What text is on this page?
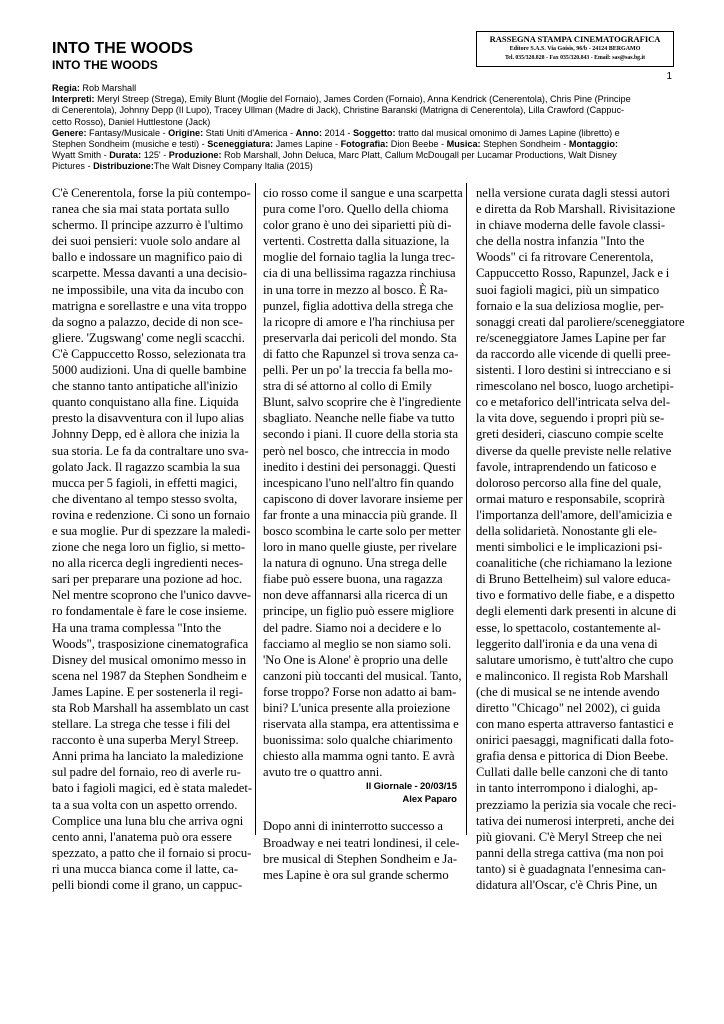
INTO THE WOODS
INTO THE WOODS
RASSEGNA STAMPA CINEMATOGRAFICA
Editore S.A.S. Via Goisis, 96/b - 24124 BERGAMO
Tel. 035/320.828 - Fax 035/320.843 - Email: sas@sas.bg.it
1

Regia: Rob Marshall

Interpreti: Meryl Streep (Strega), Emily Blunt (Moglie del Fornaio), James Corden (Fornaio), Anna Kendrick (Cenerentola), Chris Pine (Principe

di Cenerentola), Johnny Depp (Il Lupo), Tracey Ullman (Madre di Jack), Christine Baranski (Matrigna di Cenerentola), Lilla Crawford (Cappuc-

cetto Rosso), Daniel Huttlestone (Jack)

Genere: Fantasy/Musicale - Origine: Stati Uniti d'America - Anno: 2014 - Soggetto: tratto dal musical omonimo di James Lapine (libretto) e

Stephen Sondheim (musiche e testi) - Sceneggiatura: James Lapine - Fotografia: Dion Beebe - Musica: Stephen Sondheim - Montaggio:

Wyatt Smith - Durata: 125' - Produzione: Rob Marshall, John Deluca, Marc Platt, Callum McDougall per Lucamar Productions, Walt Disney

Pictures - Distribuzione:The Walt Disney Company Italia (2015)

C'è Cenerentola, forse la più contempo-
ranea che sia mai stata portata sullo
schermo. Il principe azzurro è l'ultimo
dei suoi pensieri: vuole solo andare al
ballo e indossare un magnifico paio di
scarpette. Messa davanti a una decisio-
ne impossibile, una vita da incubo con
matrigna e sorellastre e una vita troppo
da sogno a palazzo, decide di non sce-
gliere. 'Zugswang' come negli scacchi.
C'è Cappuccetto Rosso, selezionata tra
5000 audizioni. Una di quelle bambine
che stanno tanto antipatiche all'inizio
quanto conquistano alla fine. Liquida
presto la disavventura con il lupo alias
Johnny Depp, ed è allora che inizia la
sua storia. Le fa da contraltare uno sva-
golato Jack. Il ragazzo scambia la sua
mucca per 5 fagioli, in effetti magici,
che diventano al tempo stesso svolta,
rovina e redenzione. Ci sono un fornaio
e sua moglie. Pur di spezzare la maledi-
zione che nega loro un figlio, si metto-
no alla ricerca degli ingredienti neces-
sari per preparare una pozione ad hoc.
Nel mentre scoprono che l'unico davve-
ro fondamentale è fare le cose insieme.
Ha una trama complessa "Into the
Woods", trasposizione cinematografica
Disney del musical omonimo messo in
scena nel 1987 da Stephen Sondheim e
James Lapine. E per sostenerla il regi-
sta Rob Marshall ha assemblato un cast
stellare. La strega che tesse i fili del
racconto è una superba Meryl Streep.
Anni prima ha lanciato la maledizione
sul padre del fornaio, reo di averle ru-
bato i fagioli magici, ed è stata maledet-
ta a sua volta con un aspetto orrendo.
Complice una luna blu che arriva ogni
cento anni, l'anatema può ora essere
spezzato, a patto che il fornaio si procu-
ri una mucca bianca come il latte, ca-
pelli biondi come il grano, un cappuc-
cio rosso come il sangue e una scarpetta
pura come l'oro. Quello della chioma
color grano è uno dei siparietti più di-
vertenti. Costretta dalla situazione, la
moglie del fornaio taglia la lunga trec-
cia di una bellissima ragazza rinchiusa
in una torre in mezzo al bosco. È Ra-
punzel, figlia adottiva della strega che
la ricopre di amore e l'ha rinchiusa per
preservarla dai pericoli del mondo. Sta
di fatto che Rapunzel si trova senza ca-
pelli. Per un po' la treccia fa bella mo-
stra di sé attorno al collo di Emily
Blunt, salvo scoprire che è l'ingrediente
sbagliato. Neanche nelle fiabe va tutto
secondo i piani. Il cuore della storia sta
però nel bosco, che intreccia in modo
inedito i destini dei personaggi. Questi
incespicano l'uno nell'altro fin quando
capiscono di dover lavorare insieme per
far fronte a una minaccia più grande. Il
bosco scombina le carte solo per metter
loro in mano quelle giuste, per rivelare
la natura di ognuno. Una strega delle
fiabe può essere buona, una ragazza
non deve affannarsi alla ricerca di un
principe, un figlio può essere migliore
del padre. Siamo noi a decidere e lo
facciamo al meglio se non siamo soli.
'No One is Alone' è proprio una delle
canzoni più toccanti del musical. Tanto,
forse troppo? Forse non adatto ai bam-
bini? L'unica presente alla proiezione
riservata alla stampa, era attentissima e
buonissima: solo qualche chiarimento
chiesto alla mamma ogni tanto. E avrà
avuto tre o quattro anni.
Il Giornale - 20/03/15
Alex Paparo
Dopo anni di ininterrotto successo a
Broadway e nei teatri londinesi, il cele-
bre musical di Stephen Sondheim e Ja-
mes Lapine è ora sul grande schermo
nella versione curata dagli stessi autori
e diretta da Rob Marshall. Rivisitazione
in chiave moderna delle favole classi-
che della nostra infanzia "Into the
Woods" ci fa ritrovare Cenerentola,
Cappuccetto Rosso, Rapunzel, Jack e i
suoi fagioli magici, più un simpatico
fornaio e la sua deliziosa moglie, per-
sonaggi creati dal paroliere/sceneggiatore
re/sceneggiatore James Lapine per far
da raccordo alle vicende di quelli pree-
sistenti. I loro destini si intrecciano e si
rimescolano nel bosco, luogo archetipi-
co e metaforico dell'intricata selva del-
la vita dove, seguendo i propri più se-
greti desideri, ciascuno compie scelte
diverse da quelle previste nelle relative
favole, intraprendendo un faticoso e
doloroso percorso alla fine del quale,
ormai maturo e responsabile, scoprirà
l'importanza dell'amore, dell'amicizia e
della solidarietà. Nonostante gli ele-
menti simbolici e le implicazioni psi-
coanalitiche (che richiamano la lezione
di Bruno Bettelheim) sul valore educa-
tivo e formativo delle fiabe, e a dispetto
degli elementi dark presenti in alcune di
esse, lo spettacolo, costantemente al-
leggerito dall'ironia e da una vena di
salutare umorismo, è tutt'altro che cupo
e malinconico. Il regista Rob Marshall
(che di musical se ne intende avendo
diretto "Chicago" nel 2002), ci guida
con mano esperta attraverso fantastici e
onirici paesaggi, magnificati dalla foto-
grafia densa e pittorica di Dion Beebe.
Cullati dalle belle canzoni che di tanto
in tanto interrompono i dialoghi, ap-
prezziamo la perizia sia vocale che reci-
tativa dei numerosi interpreti, anche dei
più giovani. C'è Meryl Streep che nei
panni della strega cattiva (ma non poi
tanto) si è guadagnata l'ennesima can-
didatura all'Oscar, c'è Chris Pine, un
